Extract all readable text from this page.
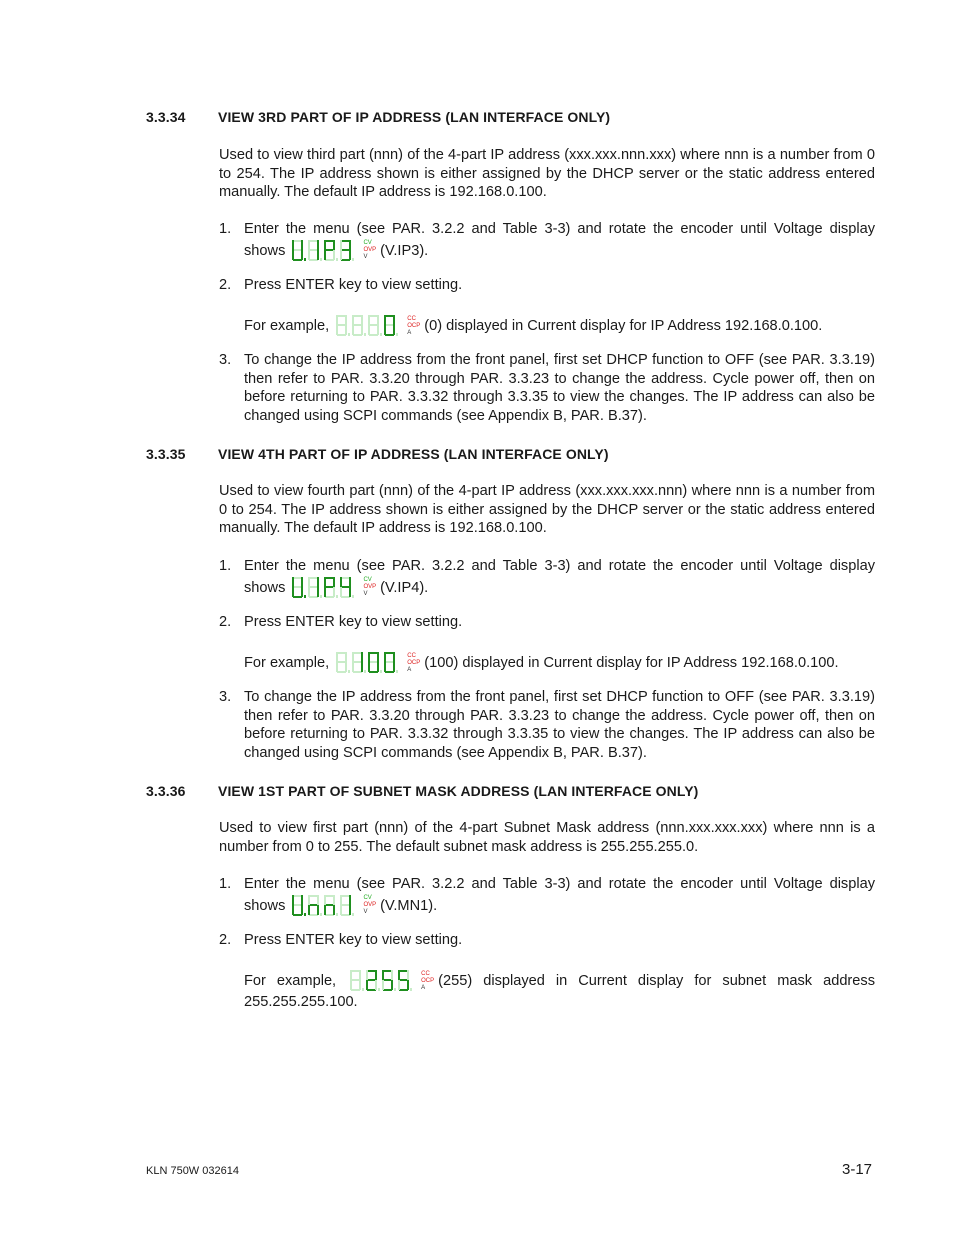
3.3.34 VIEW 3RD PART OF IP ADDRESS (LAN INTERFACE ONLY)
Used to view third part (nnn) of the 4-part IP address (xxx.xxx.nnn.xxx) where nnn is a number from 0 to 254. The IP address shown is either assigned by the DHCP server or the static address entered manually. The default IP address is 192.168.0.100.
1. Enter the menu (see PAR. 3.2.2 and Table 3-3) and rotate the encoder until Voltage display shows	CV
OVP
V (V.IP3).
2. Press ENTER key to view setting.
For example,	CC
OCP
A (0) displayed in Current display for IP Address 192.168.0.100.
3. To change the IP address from the front panel, first set DHCP function to OFF (see PAR. 3.3.19) then refer to PAR. 3.3.20 through PAR. 3.3.23 to change the address. Cycle power off, then on before returning to PAR. 3.3.32 through 3.3.35 to view the changes. The IP address can also be changed using SCPI commands (see Appendix B, PAR. B.37).
3.3.35 VIEW 4TH PART OF IP ADDRESS (LAN INTERFACE ONLY)
Used to view fourth part (nnn) of the 4-part IP address (xxx.xxx.xxx.nnn) where nnn is a number from 0 to 254. The IP address shown is either assigned by the DHCP server or the static address entered manually. The default IP address is 192.168.0.100.
1. Enter the menu (see PAR. 3.2.2 and Table 3-3) and rotate the encoder until Voltage display shows	CV
OVP
V (V.IP4).
2. Press ENTER key to view setting.
For example,	CC
OCP
A (100) displayed in Current display for IP Address 192.168.0.100.
3. To change the IP address from the front panel, first set DHCP function to OFF (see PAR. 3.3.19) then refer to PAR. 3.3.20 through PAR. 3.3.23 to change the address. Cycle power off, then on before returning to PAR. 3.3.32 through 3.3.35 to view the changes. The IP address can also be changed using SCPI commands (see Appendix B, PAR. B.37).
3.3.36 VIEW 1ST PART OF SUBNET MASK ADDRESS (LAN INTERFACE ONLY)
Used to view first part (nnn) of the 4-part Subnet Mask address (nnn.xxx.xxx.xxx) where nnn is a number from 0 to 255. The default subnet mask address is 255.255.255.0.
1. Enter the menu (see PAR. 3.2.2 and Table 3-3) and rotate the encoder until Voltage display shows	CV
OVP
V (V.MN1).
2. Press ENTER key to view setting.
For example,	CC
OCP
A (255) displayed in Current display for subnet mask address 255.255.255.100.
KLN 750W 032614	3-17
